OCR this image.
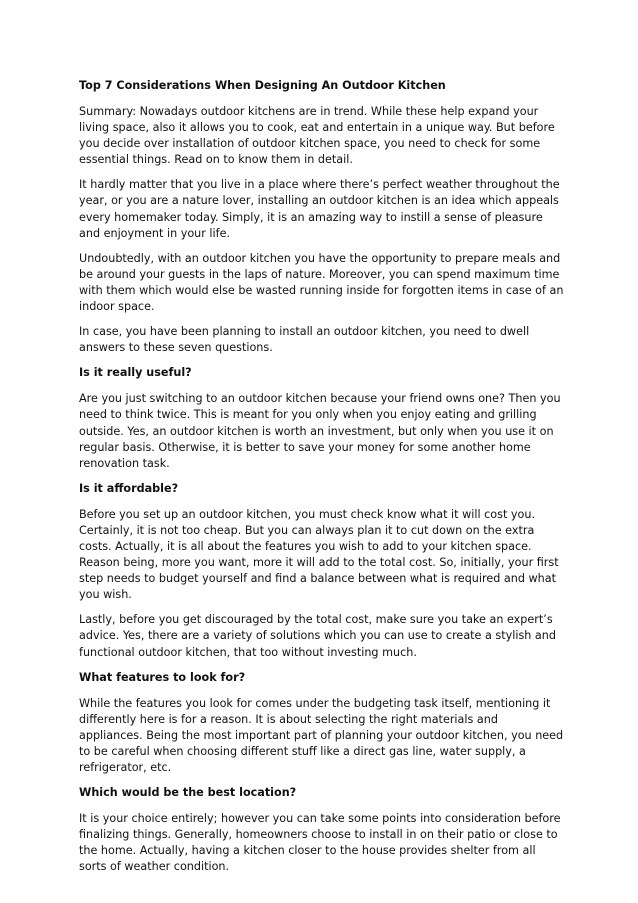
Top 7 Considerations When Designing An Outdoor Kitchen

Summary: Nowadays outdoor kitchens are in trend. While these help expand your living space, also it allows you to cook, eat and entertain in a unique way. But before you decide over installation of outdoor kitchen space, you need to check for some essential things. Read on to know them in detail.

It hardly matter that you live in a place where there’s perfect weather throughout the year, or you are a nature lover, installing an outdoor kitchen is an idea which appeals every homemaker today. Simply, it is an amazing way to instill a sense of pleasure and enjoyment in your life.

Undoubtedly, with an outdoor kitchen you have the opportunity to prepare meals and be around your guests in the laps of nature. Moreover, you can spend maximum time with them which would else be wasted running inside for forgotten items in case of an indoor space.

In case, you have been planning to install an outdoor kitchen, you need to dwell answers to these seven questions.

Is it really useful?

Are you just switching to an outdoor kitchen because your friend owns one? Then you need to think twice. This is meant for you only when you enjoy eating and grilling outside. Yes, an outdoor kitchen is worth an investment, but only when you use it on regular basis. Otherwise, it is better to save your money for some another home renovation task.

Is it affordable?

Before you set up an outdoor kitchen, you must check know what it will cost you. Certainly, it is not too cheap. But you can always plan it to cut down on the extra costs. Actually, it is all about the features you wish to add to your kitchen space. Reason being, more you want, more it will add to the total cost. So, initially, your first step needs to budget yourself and find a balance between what is required and what you wish.

Lastly, before you get discouraged by the total cost, make sure you take an expert’s advice. Yes, there are a variety of solutions which you can use to create a stylish and functional outdoor kitchen, that too without investing much.

What features to look for?

While the features you look for comes under the budgeting task itself, mentioning it differently here is for a reason. It is about selecting the right materials and appliances. Being the most important part of planning your outdoor kitchen, you need to be careful when choosing different stuff like a direct gas line, water supply, a refrigerator, etc.

Which would be the best location?

It is your choice entirely; however you can take some points into consideration before finalizing things. Generally, homeowners choose to install in on their patio or close to the home. Actually, having a kitchen closer to the house provides shelter from all sorts of weather condition.
